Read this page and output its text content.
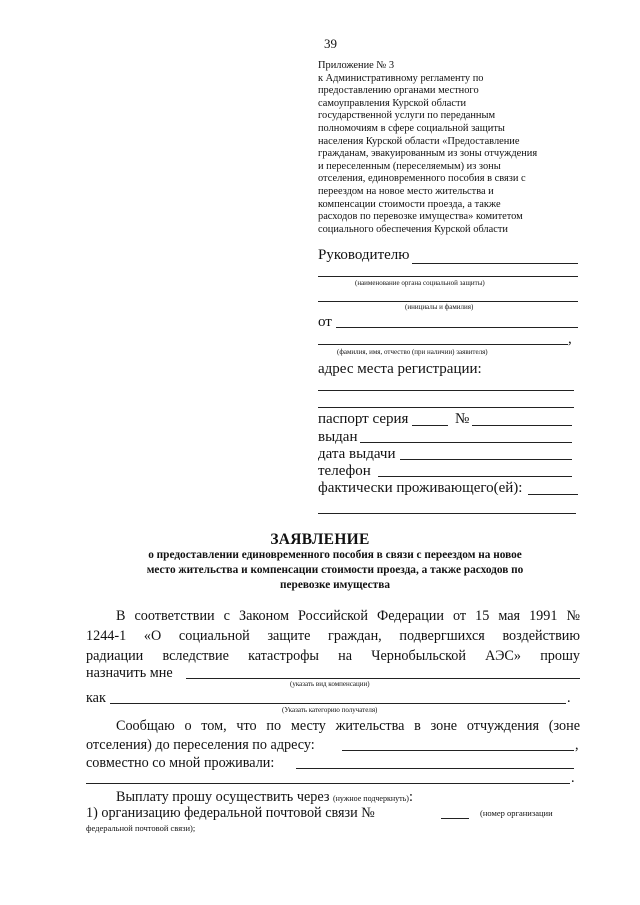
39
Приложение № 3
к Административному регламенту по
предоставлению органами местного
самоуправления Курской области
государственной услуги по переданным
полномочиям в сфере социальной защиты
населения Курской области «Предоставление
гражданам, эвакуированным из зоны отчуждения
и переселенным (переселяемым) из зоны
отселения, единовременного пособия в связи с
переездом на новое место жительства и
компенсации стоимости проезда, а также
расходов по перевозке имущества» комитетом
социального обеспечения Курской области
Руководителю
(наименование органа социальной защиты)
(инициалы и фамилия)
от
,
(фамилия, имя, отчество (при наличии) заявителя)
адрес места регистрации:
паспорт серия	№
выдан
дата выдачи
телефон
фактически проживающего(ей):
ЗАЯВЛЕНИЕ
о предоставлении единовременного пособия в связи с переездом на новое
место жительства и компенсации стоимости проезда, а также расходов по
перевозке имущества
В соответствии с Законом Российской Федерации от 15 мая 1991 №
1244-1 «О социальной защите граждан, подвергшихся воздействию
радиации вследствие катастрофы на Чернобыльской АЭС» прошу
назначить мне
(указать вид компенсации)
как	.
(Указать категорию получателя)
Сообщаю о том, что по месту жительства в зоне отчуждения (зоне
отселения) до переселения по адресу:	,
совместно со мной проживали:
.
Выплату прошу осуществить через (нужное подчеркнуть):
1) организацию федеральной почтовой связи №	(номер организации
федеральной почтовой связи);
